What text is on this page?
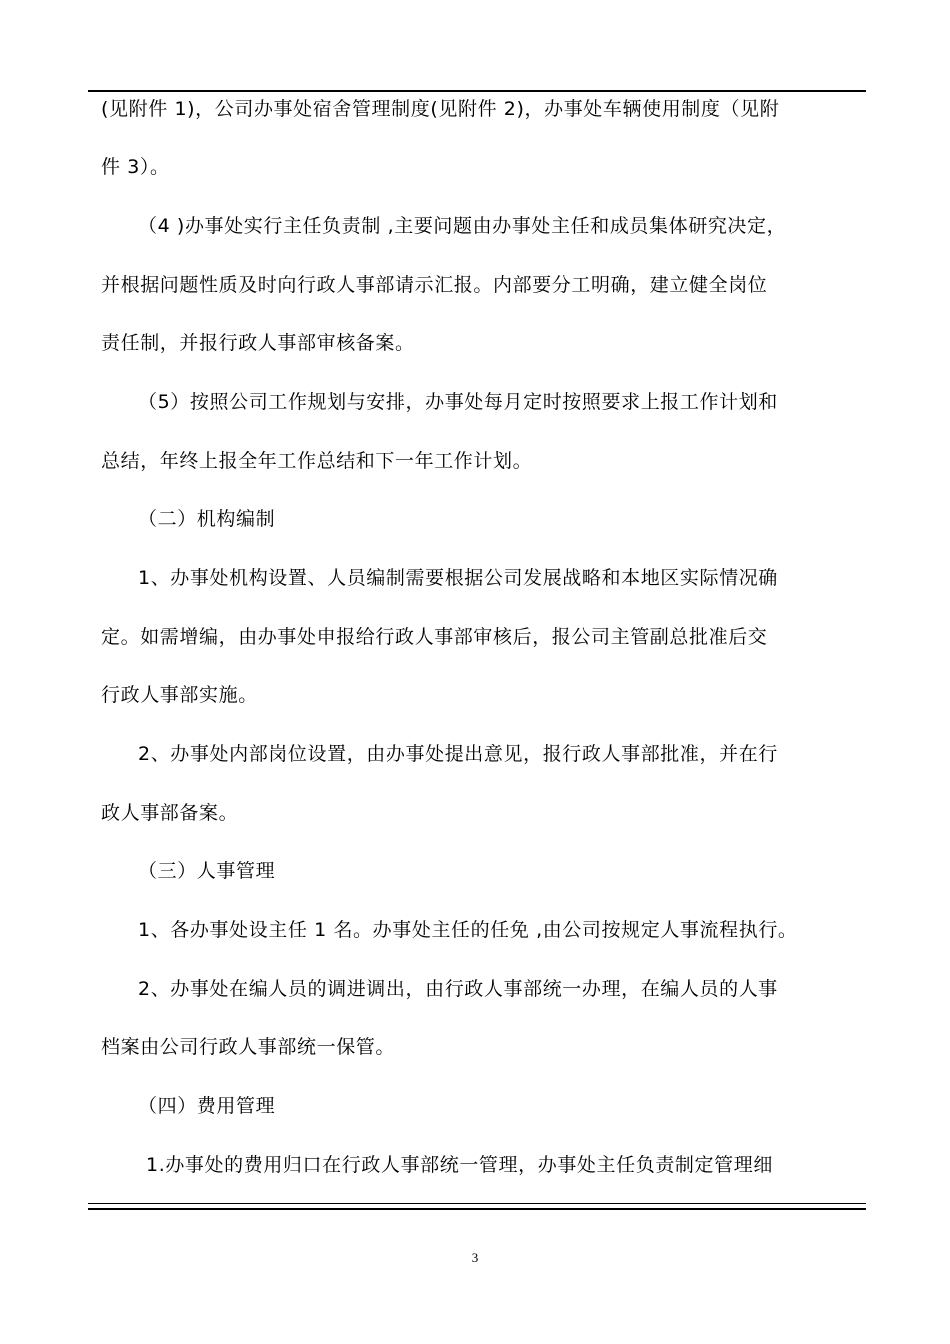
(见附件 1)，公司办事处宿舍管理制度(见附件 2)，办事处车辆使用制度（见附
件 3）。
（4 )办事处实行主任负责制 ,主要问题由办事处主任和成员集体研究决定，
并根据问题性质及时向行政人事部请示汇报。内部要分工明确，建立健全岗位
责任制，并报行政人事部审核备案。
（5）按照公司工作规划与安排，办事处每月定时按照要求上报工作计划和
总结，年终上报全年工作总结和下一年工作计划。
（二）机构编制
1、办事处机构设置、人员编制需要根据公司发展战略和本地区实际情况确
定。如需增编，由办事处申报给行政人事部审核后，报公司主管副总批准后交
行政人事部实施。
2、办事处内部岗位设置，由办事处提出意见，报行政人事部批准，并在行
政人事部备案。
（三）人事管理
1、各办事处设主任 1 名。办事处主任的任免 ,由公司按规定人事流程执行。
2、办事处在编人员的调进调出，由行政人事部统一办理，在编人员的人事
档案由公司行政人事部统一保管。
（四）费用管理
1.办事处的费用归口在行政人事部统一管理，办事处主任负责制定管理细
3
